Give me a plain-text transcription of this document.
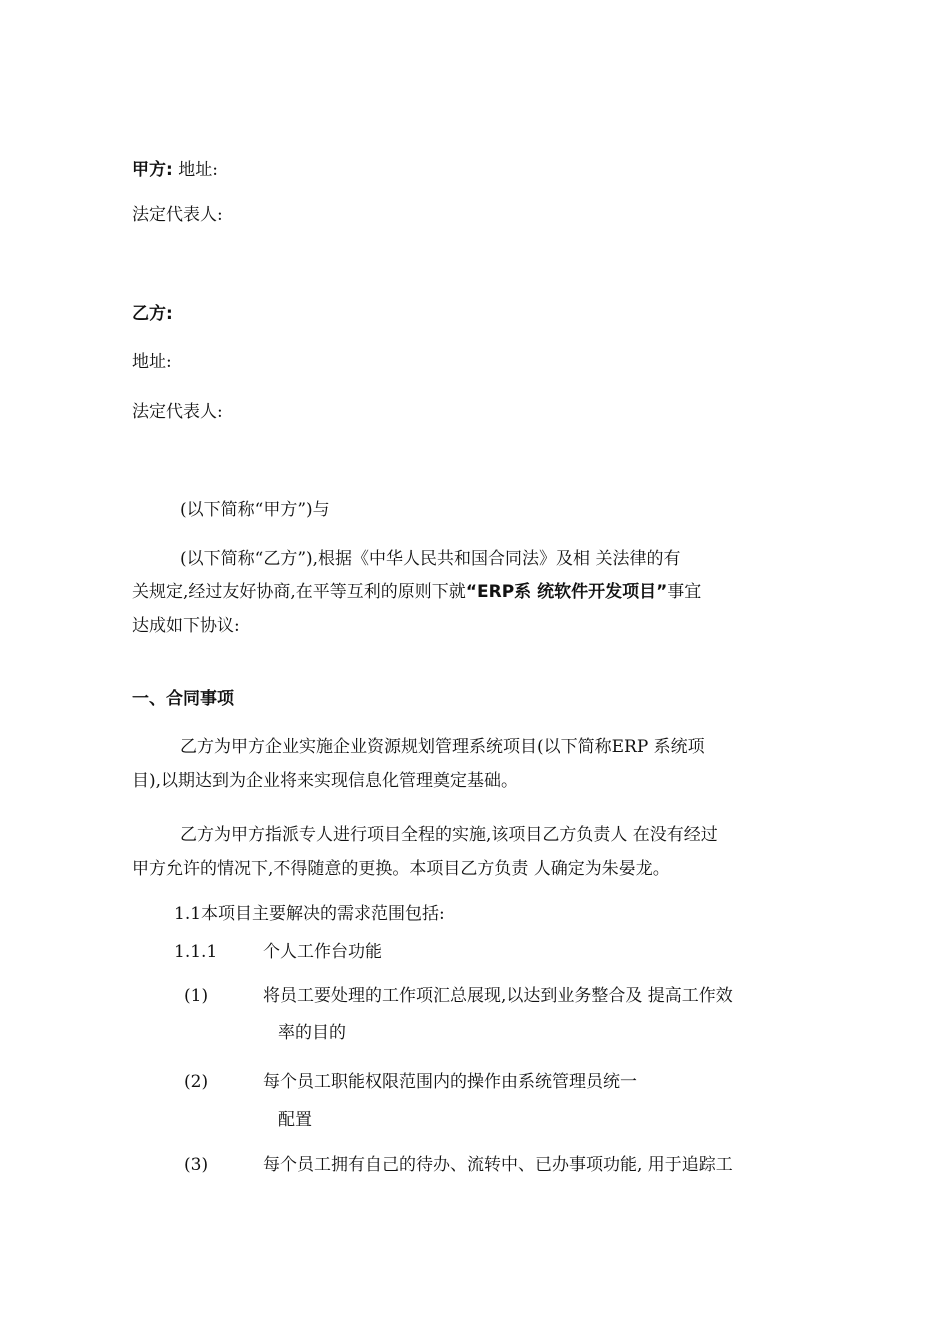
甲方: 地址:
法定代表人:
乙方:
地址:
法定代表人:
(以下简称“甲方”)与
(以下简称“乙方”),根据《中华人民共和国合同法》及相 关法律的有
关规定,经过友好协商,在平等互利的原则下就“ERP系 统软件开发项目”事宜
达成如下协议:
一、合同事项
乙方为甲方企业实施企业资源规划管理系统项目(以下简称ERP 系统项
目),以期达到为企业将来实现信息化管理奠定基础。
乙方为甲方指派专人进行项目全程的实施,该项目乙方负责人 在没有经过
甲方允许的情况下,不得随意的更换。本项目乙方负责 人确定为朱晏龙。
1.1本项目主要解决的需求范围包括:
1.1.1	个人工作台功能
(1)	将员工要处理的工作项汇总展现,以达到业务整合及 提高工作效
率的目的
(2)	每个员工职能权限范围内的操作由系统管理员统一
配置
(3)	每个员工拥有自己的待办、流转中、已办事项功能, 用于追踪工
